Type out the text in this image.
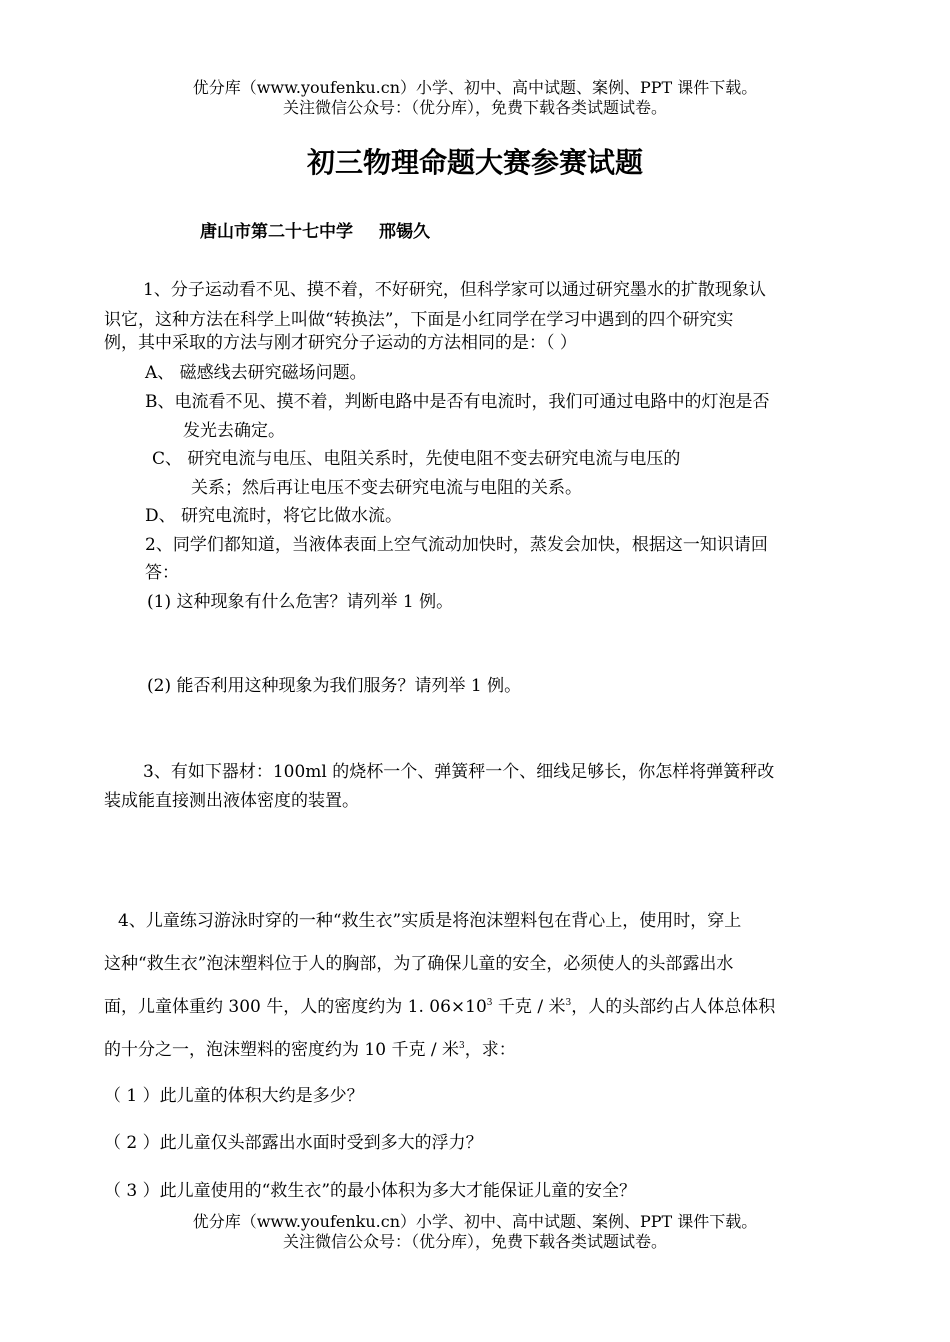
优分库（www.youfenku.cn）小学、初中、高中试题、案例、PPT 课件下载。
关注微信公众号：（优分库），免费下载各类试题试卷。
初三物理命题大赛参赛试题
唐山市第二十七中学 邢锡久
1、分子运动看不见、摸不着，不好研究，但科学家可以通过研究墨水的扩散现象认
识它，这种方法在科学上叫做“转换法”，下面是小红同学在学习中遇到的四个研究实
例，其中采取的方法与刚才研究分子运动的方法相同的是：（ ）
A、 磁感线去研究磁场问题。
B、电流看不见、摸不着，判断电路中是否有电流时，我们可通过电路中的灯泡是否
发光去确定。
C、 研究电流与电压、电阻关系时，先使电阻不变去研究电流与电压的
关系；然后再让电压不变去研究电流与电阻的关系。
D、 研究电流时，将它比做水流。
2、同学们都知道，当液体表面上空气流动加快时，蒸发会加快，根据这一知识请回
答：
(1) 这种现象有什么危害？请列举 1 例。
(2) 能否利用这种现象为我们服务？请列举 1 例。
3、有如下器材：100ml 的烧杯一个、弹簧秤一个、细线足够长，你怎样将弹簧秤改
装成能直接测出液体密度的装置。
4、儿童练习游泳时穿的一种“救生衣”实质是将泡沫塑料包在背心上，使用时，穿上
这种“救生衣”泡沫塑料位于人的胸部，为了确保儿童的安全，必须使人的头部露出水
面，儿童体重约 300 牛，人的密度约为 1. $06\times 10^3$ 千克 / 米$^3$，人的头部约占人体总体积
的十分之一，泡沫塑料的密度约为 10 千克 / 米$^3$，求：
（ 1 ）此儿童的体积大约是多少？
（ 2 ）此儿童仅头部露出水面时受到多大的浮力？
（ 3 ）此儿童使用的“救生衣”的最小体积为多大才能保证儿童的安全？
优分库（www.youfenku.cn）小学、初中、高中试题、案例、PPT 课件下载。
关注微信公众号：（优分库），免费下载各类试题试卷。
